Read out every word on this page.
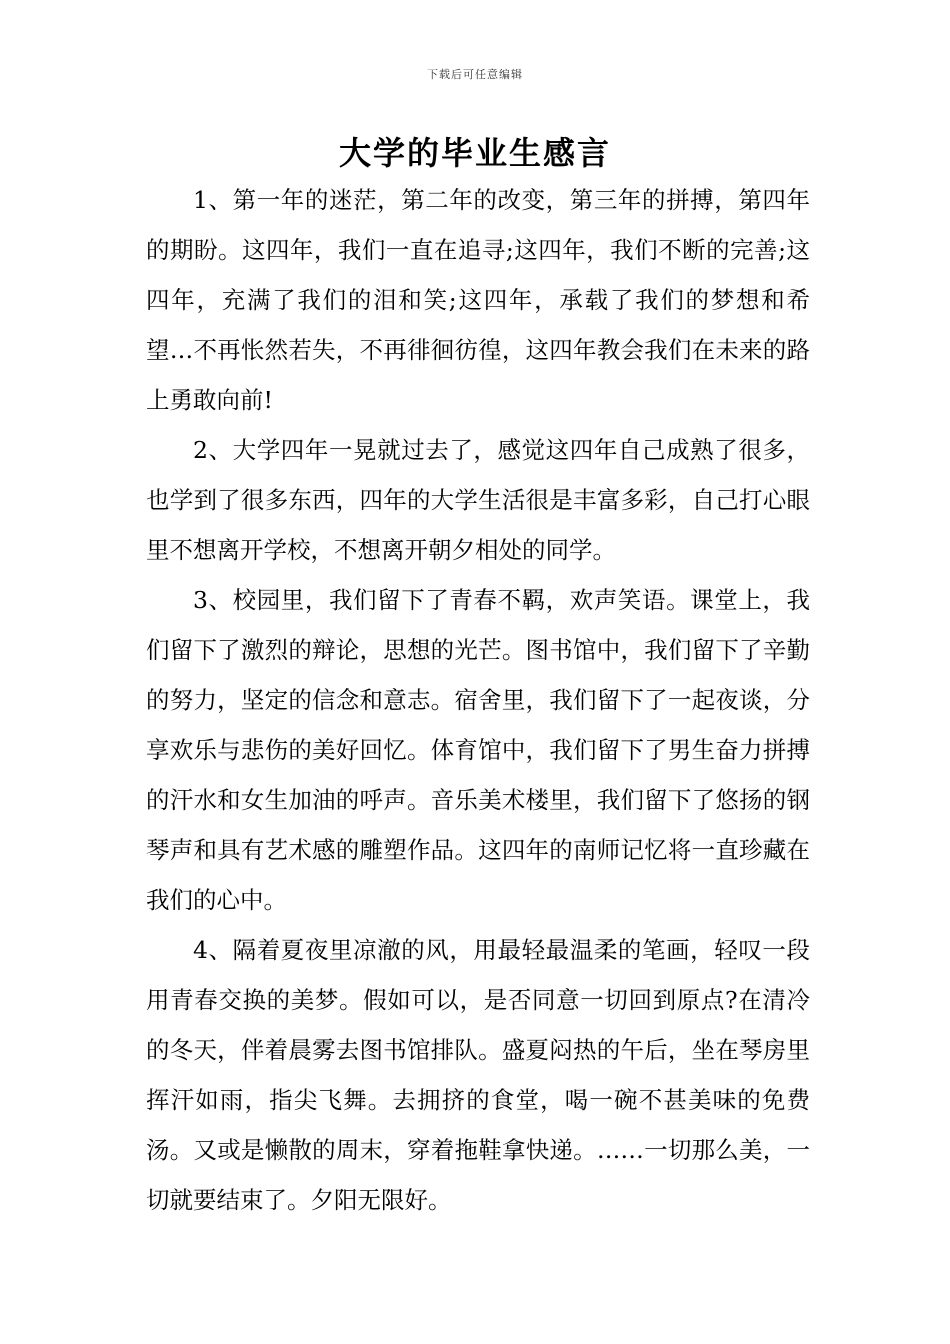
下载后可任意编辑
大学的毕业生感言

1、第一年的迷茫，第二年的改变，第三年的拼搏，第四年的期盼。这四年，我们一直在追寻;这四年，我们不断的完善;这四年，充满了我们的泪和笑;这四年，承载了我们的梦想和希望…不再怅然若失，不再徘徊彷徨，这四年教会我们在未来的路上勇敢向前!

2、大学四年一晃就过去了，感觉这四年自己成熟了很多，也学到了很多东西，四年的大学生活很是丰富多彩，自己打心眼里不想离开学校，不想离开朝夕相处的同学。

3、校园里，我们留下了青春不羁，欢声笑语。课堂上，我们留下了激烈的辩论，思想的光芒。图书馆中，我们留下了辛勤的努力，坚定的信念和意志。宿舍里，我们留下了一起夜谈，分享欢乐与悲伤的美好回忆。体育馆中，我们留下了男生奋力拼搏的汗水和女生加油的呼声。音乐美术楼里，我们留下了悠扬的钢琴声和具有艺术感的雕塑作品。这四年的南师记忆将一直珍藏在我们的心中。

4、隔着夏夜里凉澈的风，用最轻最温柔的笔画，轻叹一段用青春交换的美梦。假如可以，是否同意一切回到原点?在清冷的冬天，伴着晨雾去图书馆排队。盛夏闷热的午后，坐在琴房里挥汗如雨，指尖飞舞。去拥挤的食堂，喝一碗不甚美味的免费汤。又或是懒散的周末，穿着拖鞋拿快递。……一切那么美，一切就要结束了。夕阳无限好。
